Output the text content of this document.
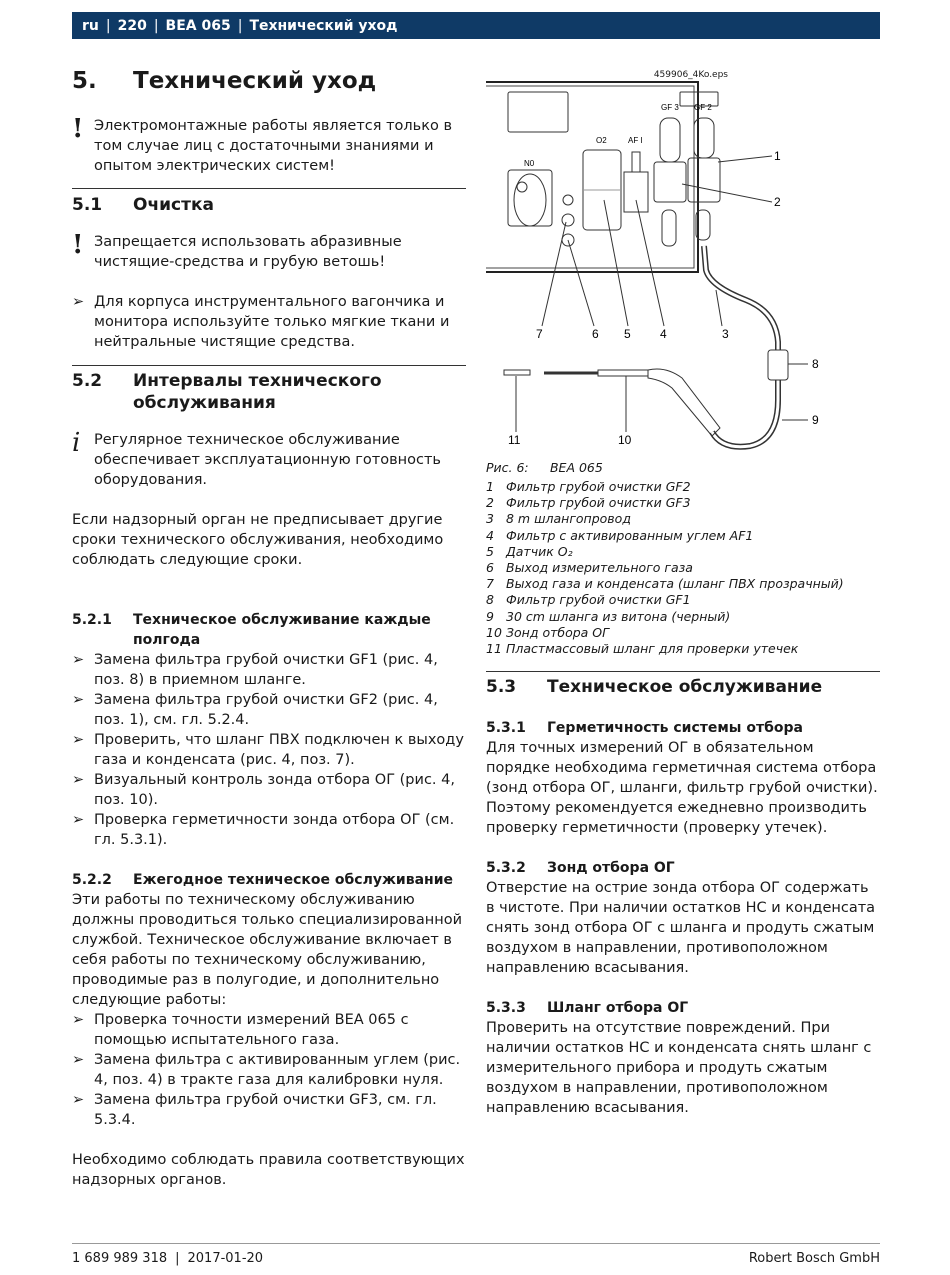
ru | 220 | BEA 065 | Технический уход
5.	Технический уход
! Электромонтажные работы является только в том случае лиц с достаточными знаниями и опытом электрических систем!
5.1	Очистка
! Запрещается использовать абразивные чистящие-средства и грубую ветошь!
➢ Для корпуса инструментального вагончика и монитора используйте только мягкие ткани и нейтральные чистящие средства.
5.2	Интервалы технического обслуживания
i Регулярное техническое обслуживание обеспечивает эксплуатационную готовность оборудования.
Если надзорный орган не предписывает другие сроки технического обслуживания, необходимо соблюдать следующие сроки.
5.2.1	Техническое обслуживание каждые полгода
➢ Замена фильтра грубой очистки GF1 (рис. 4, поз. 8) в приемном шланге.
➢ Замена фильтра грубой очистки GF2 (рис. 4, поз. 1), см. гл. 5.2.4.
➢ Проверить, что шланг ПВХ подключен к выходу газа и конденсата (рис. 4, поз. 7).
➢ Визуальный контроль зонда отбора ОГ (рис. 4, поз. 10).
➢ Проверка герметичности зонда отбора ОГ (см. гл. 5.3.1).
5.2.2	Ежегодное техническое обслуживание
Эти работы по техническому обслуживанию должны проводиться только специализированной службой. Техническое обслуживание включает в себя работы по техническому обслуживанию, проводимые раз в полугодие, и дополнительно следующие работы:
➢ Проверка точности измерений BEA 065 с помощью испытательного газа.
➢ Замена фильтра с активированным углем (рис. 4, поз. 4) в тракте газа для калибровки нуля.
➢ Замена фильтра грубой очистки GF3, см. гл. 5.3.4.
Необходимо соблюдать правила соответствующих надзорных органов.
459906_4Ko.eps
N0
O2	AF I
GF 3 GF 2
1
2
3
4
5
6
7
8
9
10
11
Рис. 6: BEA 065
1 Фильтр грубой очистки GF2
2 Фильтр грубой очистки GF3
3 8 m шлангопровод
4 Фильтр с активированным углем AF1
5 Датчик O₂
6 Выход измерительного газа
7 Выход газа и конденсата (шланг ПВХ прозрачный)
8 Фильтр грубой очистки GF1
9 30 cm шланга из витона (черный)
10 Зонд отбора ОГ
11 Пластмассовый шланг для проверки утечек
5.3	Техническое обслуживание
5.3.1	Герметичность системы отбора
Для точных измерений ОГ в обязательном порядке необходима герметичная система отбора (зонд отбора ОГ, шланги, фильтр грубой очистки). Поэтому рекомендуется ежедневно производить проверку герметичности (проверку утечек).
5.3.2	Зонд отбора ОГ
Отверстие на острие зонда отбора ОГ содержать в чистоте. При наличии остатков НС и конденсата снять зонд отбора ОГ с шланга и продуть сжатым воздухом в направлении, противоположном направлению всасывания.
5.3.3	Шланг отбора ОГ
Проверить на отсутствие повреждений. При наличии остатков НС и конденсата снять шланг с измерительного прибора и продуть сжатым воздухом в направлении, противоположном направлению всасывания.
1 689 989 318 | 2017-01-20	Robert Bosch GmbH
